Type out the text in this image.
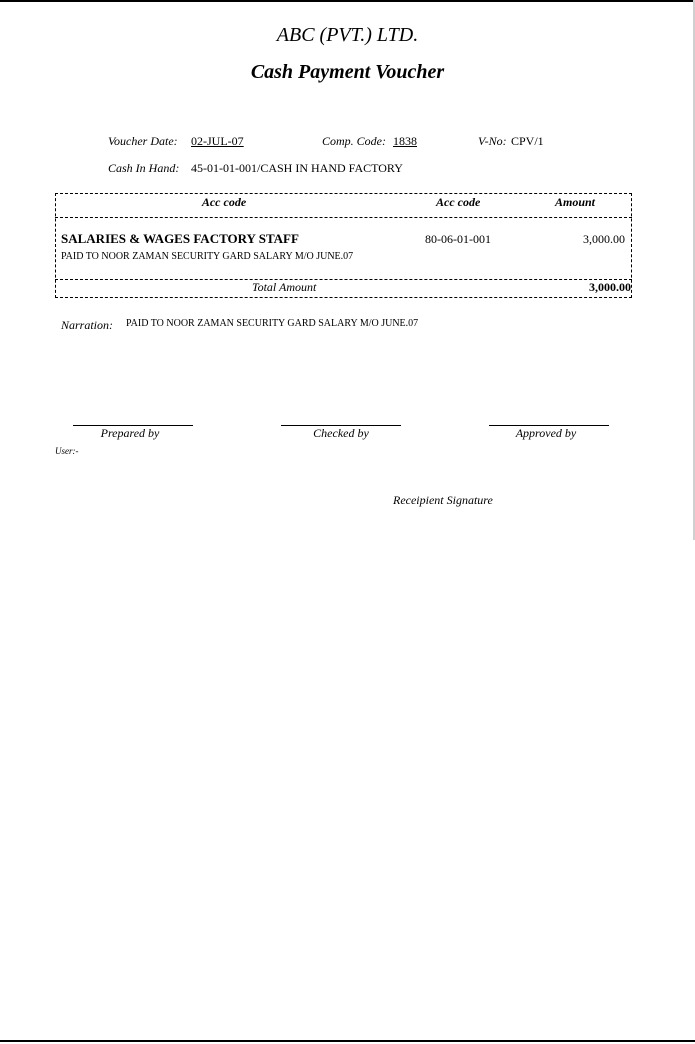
ABC (PVT.) LTD.
Cash Payment Voucher
Voucher Date: 02-JUL-07	Comp. Code: 1838	V-No: CPV/1
Cash In Hand: 45-01-01-001/CASH IN HAND FACTORY
Acc code	Acc code	Amount
SALARIES & WAGES FACTORY STAFF	80-06-01-001	3,000.00
PAID TO NOOR ZAMAN SECURITY GARD SALARY M/O JUNE.07
Total Amount	3,000.00
Narration: PAID TO NOOR ZAMAN SECURITY GARD SALARY M/O JUNE.07
Prepared by	Checked by	Approved by
User:-
Receipient Signature
